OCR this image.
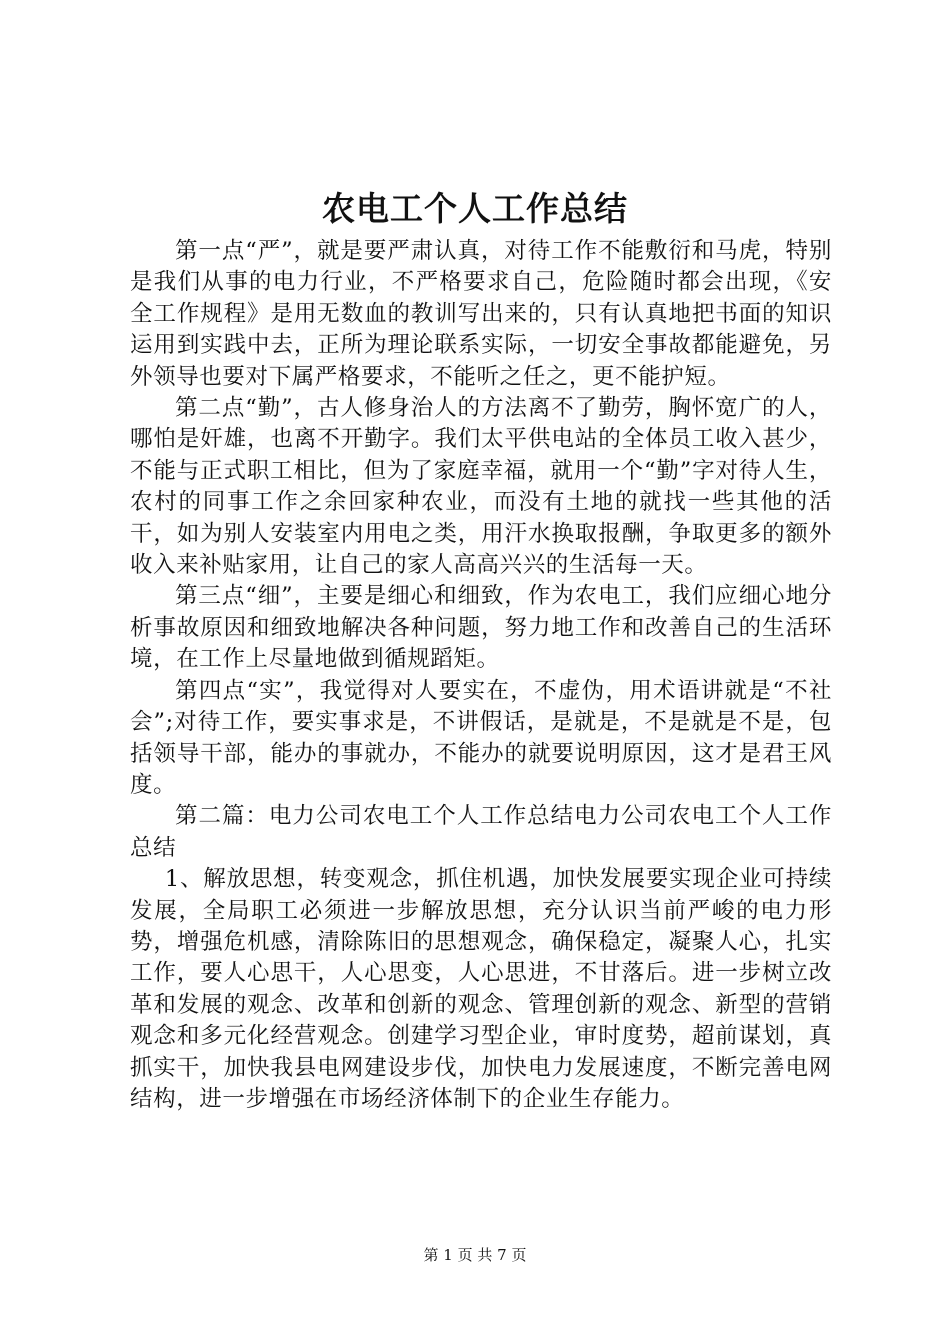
农电工个人工作总结

第一点“严”，就是要严肃认真，对待工作不能敷衍和马虎，特别是我们从事的电力行业，不严格要求自己，危险随时都会出现，《安全工作规程》是用无数血的教训写出来的，只有认真地把书面的知识运用到实践中去，正所为理论联系实际，一切安全事故都能避免，另外领导也要对下属严格要求，不能听之任之，更不能护短。

第二点“勤”，古人修身治人的方法离不了勤劳，胸怀宽广的人，哪怕是奸雄，也离不开勤字。我们太平供电站的全体员工收入甚少，不能与正式职工相比，但为了家庭幸福，就用一个“勤”字对待人生，农村的同事工作之余回家种农业，而没有土地的就找一些其他的活干，如为别人安装室内用电之类，用汗水换取报酬，争取更多的额外收入来补贴家用，让自己的家人高高兴兴的生活每一天。

第三点“细”，主要是细心和细致，作为农电工，我们应细心地分析事故原因和细致地解决各种问题，努力地工作和改善自己的生活环境，在工作上尽量地做到循规蹈矩。

第四点“实”，我觉得对人要实在，不虚伪，用术语讲就是“不社会”;对待工作，要实事求是，不讲假话，是就是，不是就是不是，包括领导干部，能办的事就办，不能办的就要说明原因，这才是君王风度。

第二篇：电力公司农电工个人工作总结电力公司农电工个人工作总结

1、解放思想，转变观念，抓住机遇，加快发展要实现企业可持续发展，全局职工必须进一步解放思想，充分认识当前严峻的电力形势，增强危机感，清除陈旧的思想观念，确保稳定，凝聚人心，扎实工作，要人心思干，人心思变，人心思进，不甘落后。进一步树立改革和发展的观念、改革和创新的观念、管理创新的观念、新型的营销观念和多元化经营观念。创建学习型企业，审时度势，超前谋划，真抓实干，加快我县电网建设步伐，加快电力发展速度，不断完善电网结构，进一步增强在市场经济体制下的企业生存能力。

第 1 页 共 7 页
